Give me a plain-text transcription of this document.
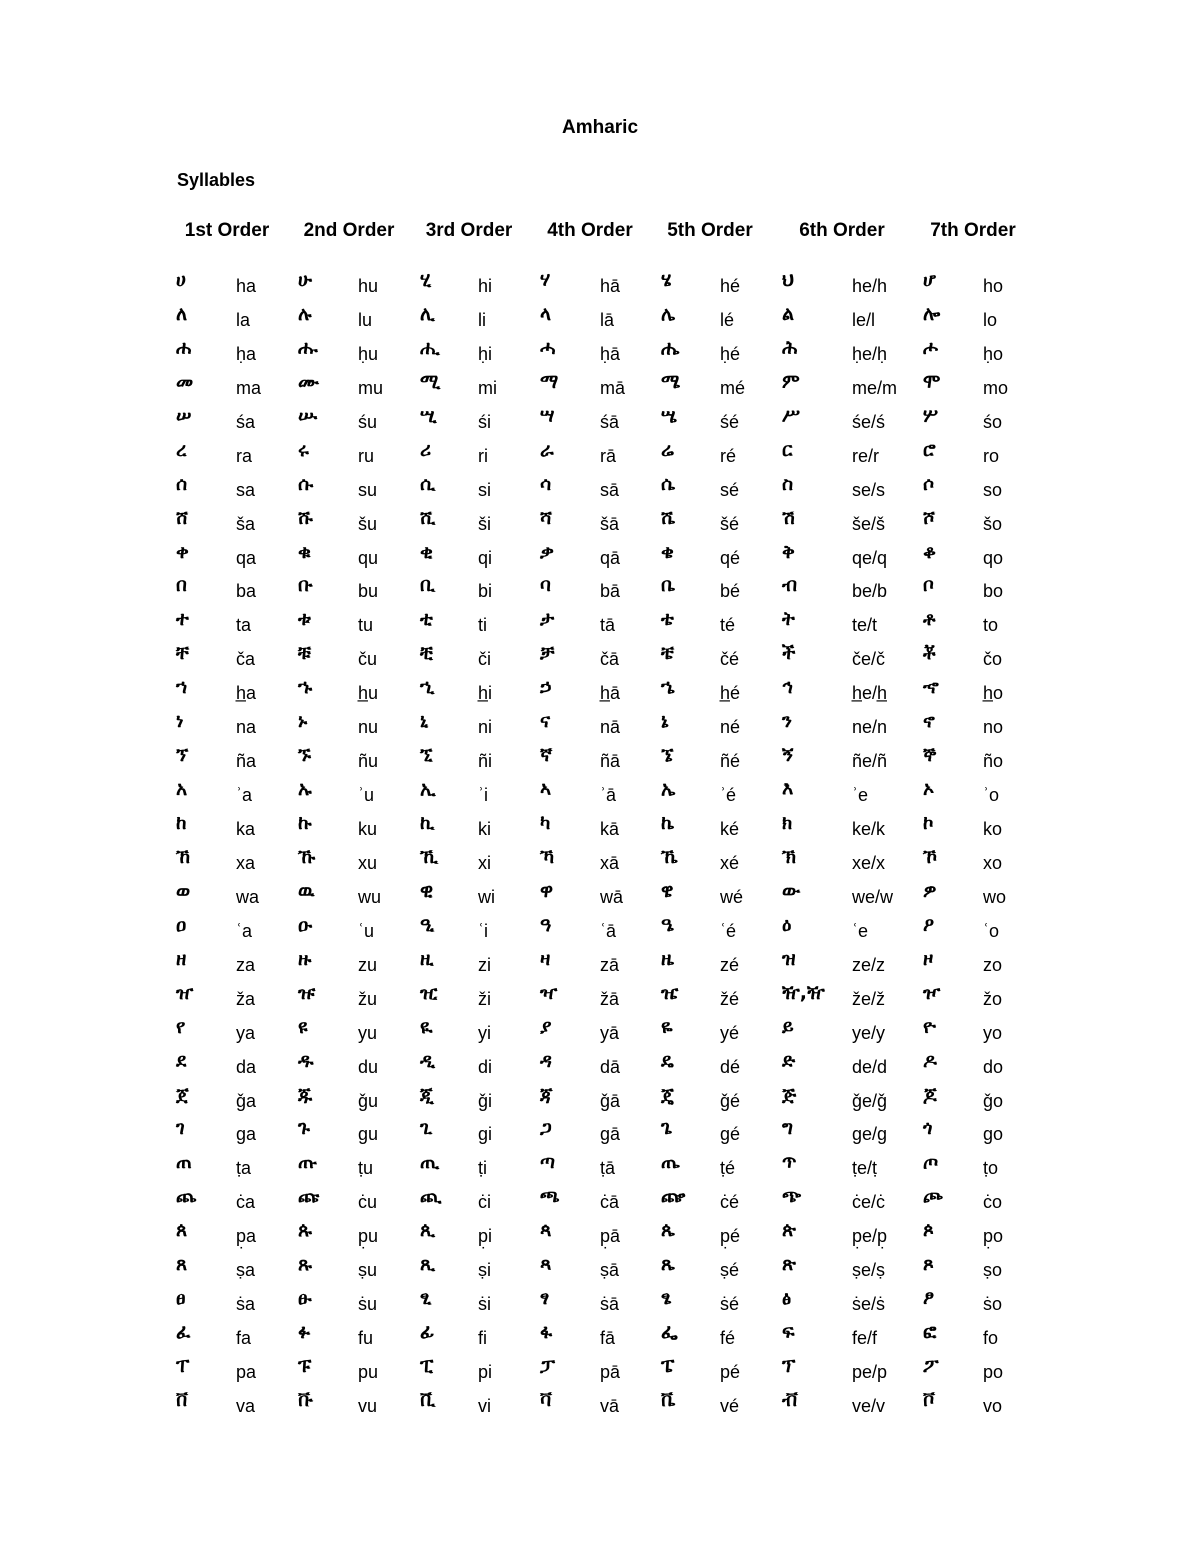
Amharic
Syllables
1st Order	2nd Order	3rd Order	4th Order	5th Order	6th Order	7th Order
ሀ	ha ሁ	hu ሂ	hi	ሃ	hā ሄ	hé ህ	he/h ሆ	ho
ለ	la	ሉ	lu	ሊ li	ላ	lā ሌ lé	ል	le/l	ሎ lo
ሐ ḥa ሑ ḥu ሒ ḥi	ሓ ḥā ሔ ḥé ሕ	ḥe/ḥ ሖ ḥo
መ ma ሙ mu ሚ mi ማ mā ሜ mé ም	me/m ሞ mo
ሠ śa ሡ śu ሢ śi	ሣ	śā ሤ śé ሥ	śe/ś ሦ śo
ረ	ra ሩ	ru ሪ	ri	ራ	rā ሬ	ré ር	re/r ሮ	ro
ሰ	sa ሱ su ሲ si	ሳ	sā ሴ sé ስ	se/s ሶ	so
ሸ	ša ሹ	šu ሺ ši	ሻ	šā ሼ šé ሽ	še/š ሾ	šo
ቀ	qa ቁ	qu ቂ	qi	ቃ	qā ቄ	qé ቅ	qe/q ቆ	qo
በ	ba ቡ	bu ቢ bi	ባ	bā ቤ bé ብ	be/b ቦ	bo
ተ	ta ቱ	tu ቲ	ti	ታ	tā ቴ	té ት	te/t ቶ	to
ቸ	ča ቹ	ču ቺ	či	ቻ	čā ቼ	čé ች	če/č ቾ	čo
ኀ	h̲a ኁ	h̲u ኂ h̲i	ኃ	h̲ā ኄ	h̲é ኅ	h̲e/h̲ ኆ h̲o
ነ	na ኑ	nu ኒ	ni	ና	nā ኔ	né ን	ne/n ኖ	no
ኘ	ña ኙ	ñu ኚ	ñi	ኛ	ñā ኜ	ñé ኝ	ñe/ñ ኞ	ño
አ	ʾa ኡ	ʾu ኢ ʾi	ኣ	ʾā ኤ ʾé እ	ʾe	ኦ	ʾo
ከ	ka ኩ	ku ኪ ki	ካ	kā ኬ	ké ክ	ke/k ኮ	ko
ኸ	xa ኹ xu ኺ xi	ኻ	xā ኼ xé ኽ	xe/x ኾ	xo
ወ	wa ዉ wu ዊ wi ዋ	wā ዌ	wé ው	we/w ዎ	wo
ዐ	ʿa ዑ	ʿu ዒ ʿi	ዓ	ʿā ዔ	ʿé ዕ	ʿe	ዖ	ʿo
ዘ	za ዙ	zu ዚ zi	ዛ	zā ዜ	zé ዝ	ze/z ዞ	zo
ዠ ža ዡ žu ዢ ži	ዣ žā ዤ žé ዥ,ዥ že/ž ዦ žo
የ	ya ዩ	yu ዪ	yi	ያ	yā ዬ	yé ይ	ye/y ዮ	yo
ደ	da ዱ du ዲ di	ዳ	dā ዴ	dé ድ	de/d ዶ	do
ጀ	ǧa ጁ	ǧu ጂ ǧi	ጃ	ǧā ጄ	ǧé ጅ	ǧe/ǧ ጆ	ǧo
ገ	ga ጉ	gu ጊ	gi	ጋ	gā ጌ	gé ግ	ge/g ጎ	go
ጠ ṭa ጡ ṭu ጢ ṭi	ጣ ṭā ጤ ṭé ጥ	ṭe/ṭ ጦ ṭo
ጨ ċa ጩ ċu ጪ ċi	ጫ ċā ጬ ċé ጭ	ċe/ċ ጮ ċo
ጰ	p̣a ጱ	p̣u ጲ p̣i	ጳ	p̣ā ጴ	p̣é ጵ	p̣e/p̣ ጶ	p̣o
ጸ	ṣa ጹ	ṣu ጺ ṣi	ጻ	ṣā ጼ	ṣé ጽ	ṣe/ṣ ጾ	ṣo
ፀ	ṡa ፁ	ṡu ፂ	ṡi	ፃ	ṡā ፄ	ṡé ፅ	ṡe/ṡ ፆ	ṡo
ፈ	fa ፉ	fu ፊ fi	ፋ	fā ፌ fé ፍ	fe/f ፎ	fo
ፐ	pa ፑ	pu ፒ pi	ፓ pā ፔ	pé ፕ	pe/p ፖ po
ቨ	va ቩ	vu ቪ vi	ቫ	vā ቬ vé ቭ	ve/v ቮ	vo
